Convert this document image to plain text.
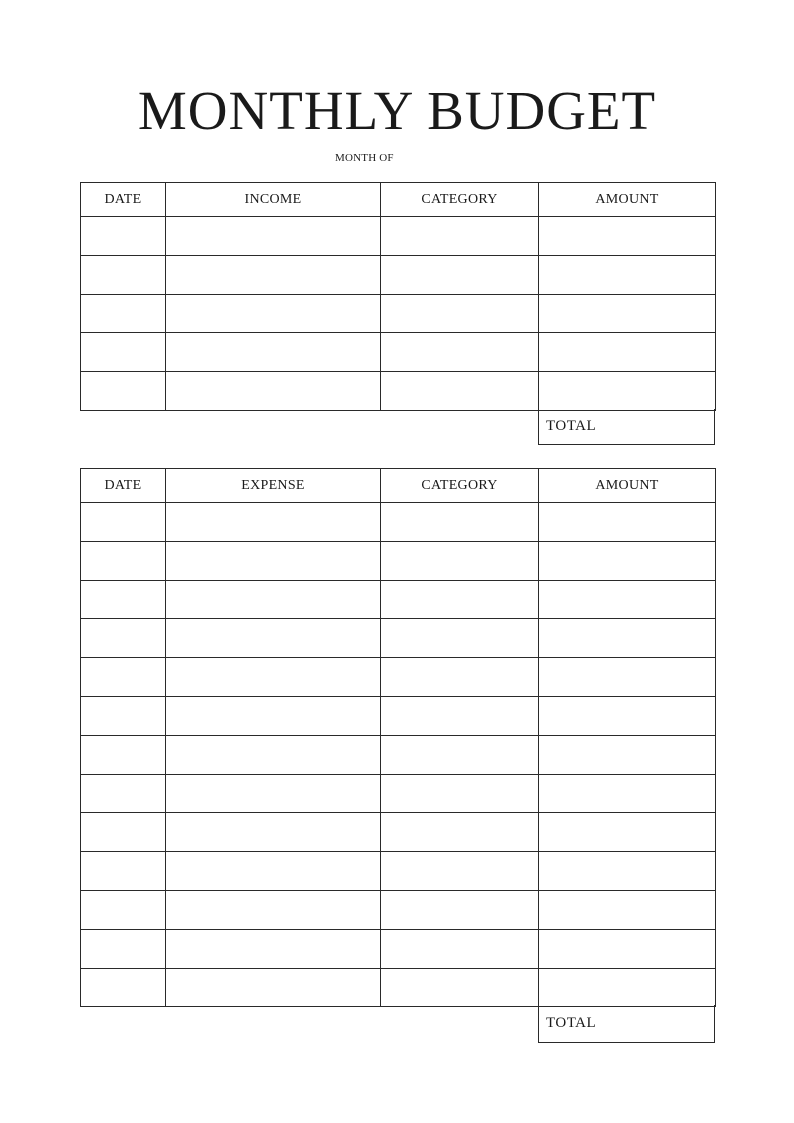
MONTHLY BUDGET
MONTH OF
DATE	INCOME	CATEGORY	AMOUNT

TOTAL
DATE	EXPENSE	CATEGORY	AMOUNT

TOTAL
